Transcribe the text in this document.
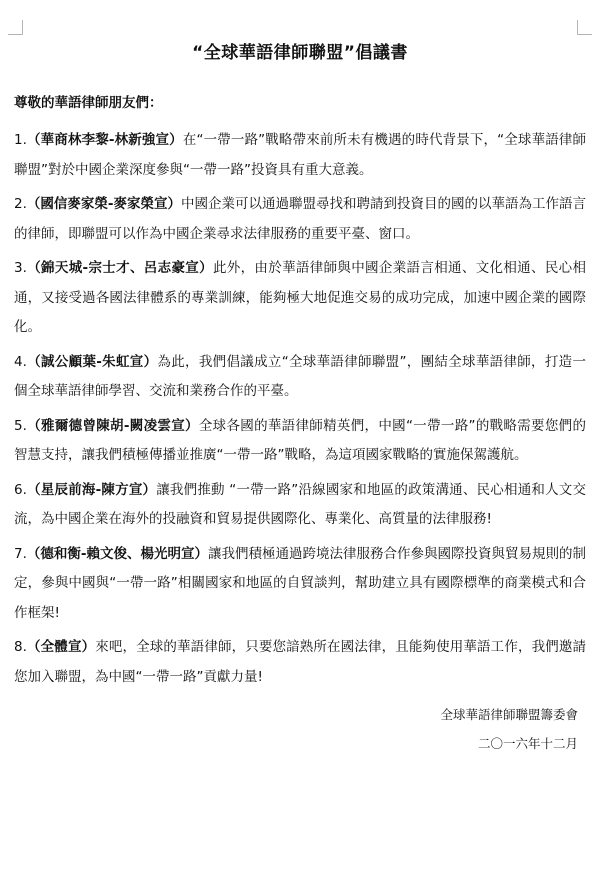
“全球華語律師聯盟”倡議書
尊敬的華語律師朋友們：
1.（華商林李黎-林新強宣）在“一帶一路”戰略帶來前所未有機遇的時代背景下，“全球華語律師聯盟”對於中國企業深度參與“一帶一路”投資具有重大意義。
2.（國信麥家榮-麥家榮宣）中國企業可以通過聯盟尋找和聘請到投資目的國的以華語為工作語言的律師，即聯盟可以作為中國企業尋求法律服務的重要平臺、窗口。
3.（錦天城-宗士才、呂志豪宣）此外，由於華語律師與中國企業語言相通、文化相通、民心相通，又接受過各國法律體系的專業訓練，能夠極大地促進交易的成功完成，加速中國企業的國際化。
4.（誠公顧葉-朱虹宣）為此，我們倡議成立“全球華語律師聯盟”，團結全球華語律師，打造一個全球華語律師學習、交流和業務合作的平臺。
5.（雅爾德曾陳胡-闕凌雲宣）全球各國的華語律師精英們，中國“一帶一路”的戰略需要您們的智慧支持，讓我們積極傳播並推廣“一帶一路”戰略，為這項國家戰略的實施保駕護航。
6.（星辰前海-陳方宣）讓我們推動 “一帶一路”沿線國家和地區的政策溝通、民心相通和人文交流，為中國企業在海外的投融資和貿易提供國際化、專業化、高質量的法律服務!
7.（德和衡-賴文俊、楊光明宣）讓我們積極通過跨境法律服務合作參與國際投資與貿易規則的制定，參與中國與“一帶一路”相關國家和地區的自貿談判，幫助建立具有國際標準的商業模式和合作框架!
8.（全體宣）來吧，全球的華語律師，只要您諳熟所在國法律，且能夠使用華語工作，我們邀請您加入聯盟，為中國“一帶一路”貢獻力量!
全球華語律師聯盟籌委會
二〇一六年十二月
